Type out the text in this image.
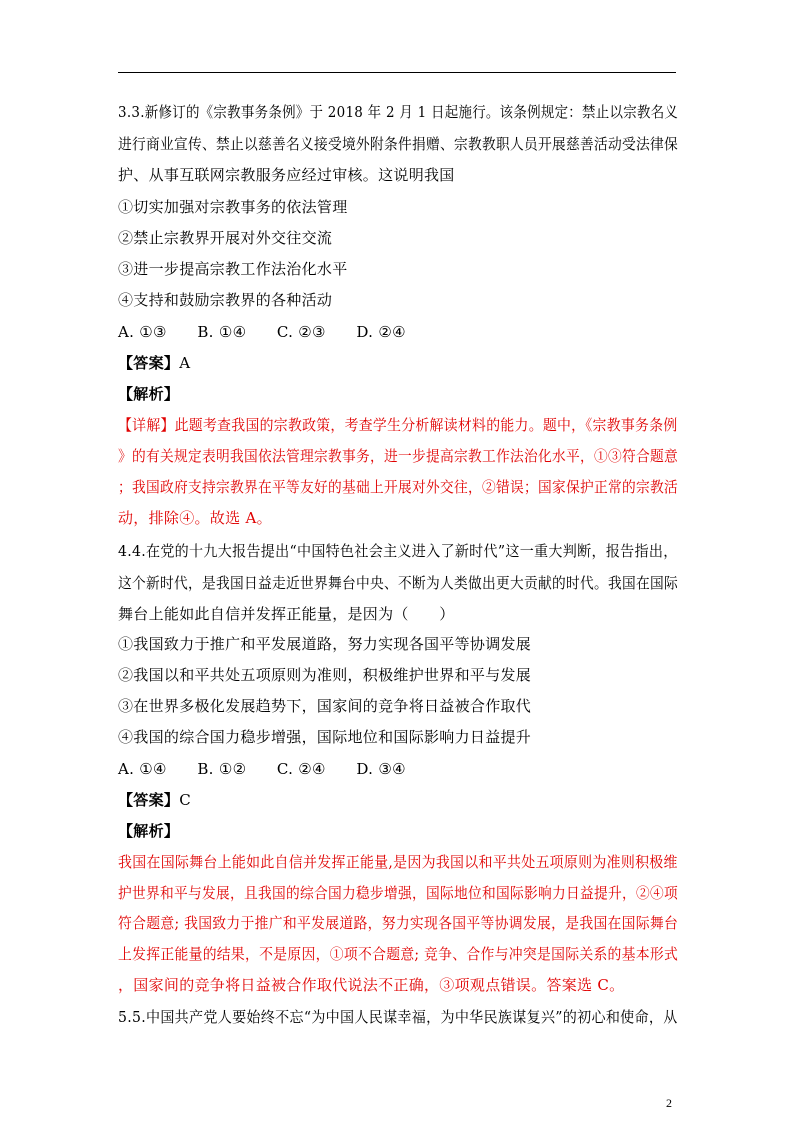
3.3.新修订的《宗教事务条例》于 2018 年 2 月 1 日起施行。该条例规定：禁止以宗教名义
进行商业宣传、禁止以慈善名义接受境外附条件捐赠、宗教教职人员开展慈善活动受法律保
护、从事互联网宗教服务应经过审核。这说明我国
①切实加强对宗教事务的依法管理
②禁止宗教界开展对外交往交流
③进一步提高宗教工作法治化水平
④支持和鼓励宗教界的各种活动
A. ①③　　B. ①④　　C. ②③　　D. ②④
【答案】A
【解析】
【详解】此题考查我国的宗教政策，考查学生分析解读材料的能力。题中，《宗教事务条例
》的有关规定表明我国依法管理宗教事务，进一步提高宗教工作法治化水平，①③符合题意
；我国政府支持宗教界在平等友好的基础上开展对外交往，②错误；国家保护正常的宗教活
动，排除④。故选 A。
4.4.在党的十九大报告提出“中国特色社会主义进入了新时代”这一重大判断，报告指出，
这个新时代，是我国日益走近世界舞台中央、不断为人类做出更大贡献的时代。我国在国际
舞台上能如此自信并发挥正能量，是因为（　　）
①我国致力于推广和平发展道路，努力实现各国平等协调发展
②我国以和平共处五项原则为准则，积极维护世界和平与发展
③在世界多极化发展趋势下，国家间的竞争将日益被合作取代
④我国的综合国力稳步增强，国际地位和国际影响力日益提升
A. ①④　　B. ①②　　C. ②④　　D. ③④
【答案】C
【解析】
我国在国际舞台上能如此自信并发挥正能量,是因为我国以和平共处五项原则为准则积极维
护世界和平与发展，且我国的综合国力稳步增强，国际地位和国际影响力日益提升，②④项
符合题意; 我国致力于推广和平发展道路，努力实现各国平等协调发展，是我国在国际舞台
上发挥正能量的结果，不是原因，①项不合题意; 竞争、合作与冲突是国际关系的基本形式
，国家间的竞争将日益被合作取代说法不正确，③项观点错误。答案选 C。
5.5.中国共产党人要始终不忘“为中国人民谋幸福，为中华民族谋复兴”的初心和使命，从
2
